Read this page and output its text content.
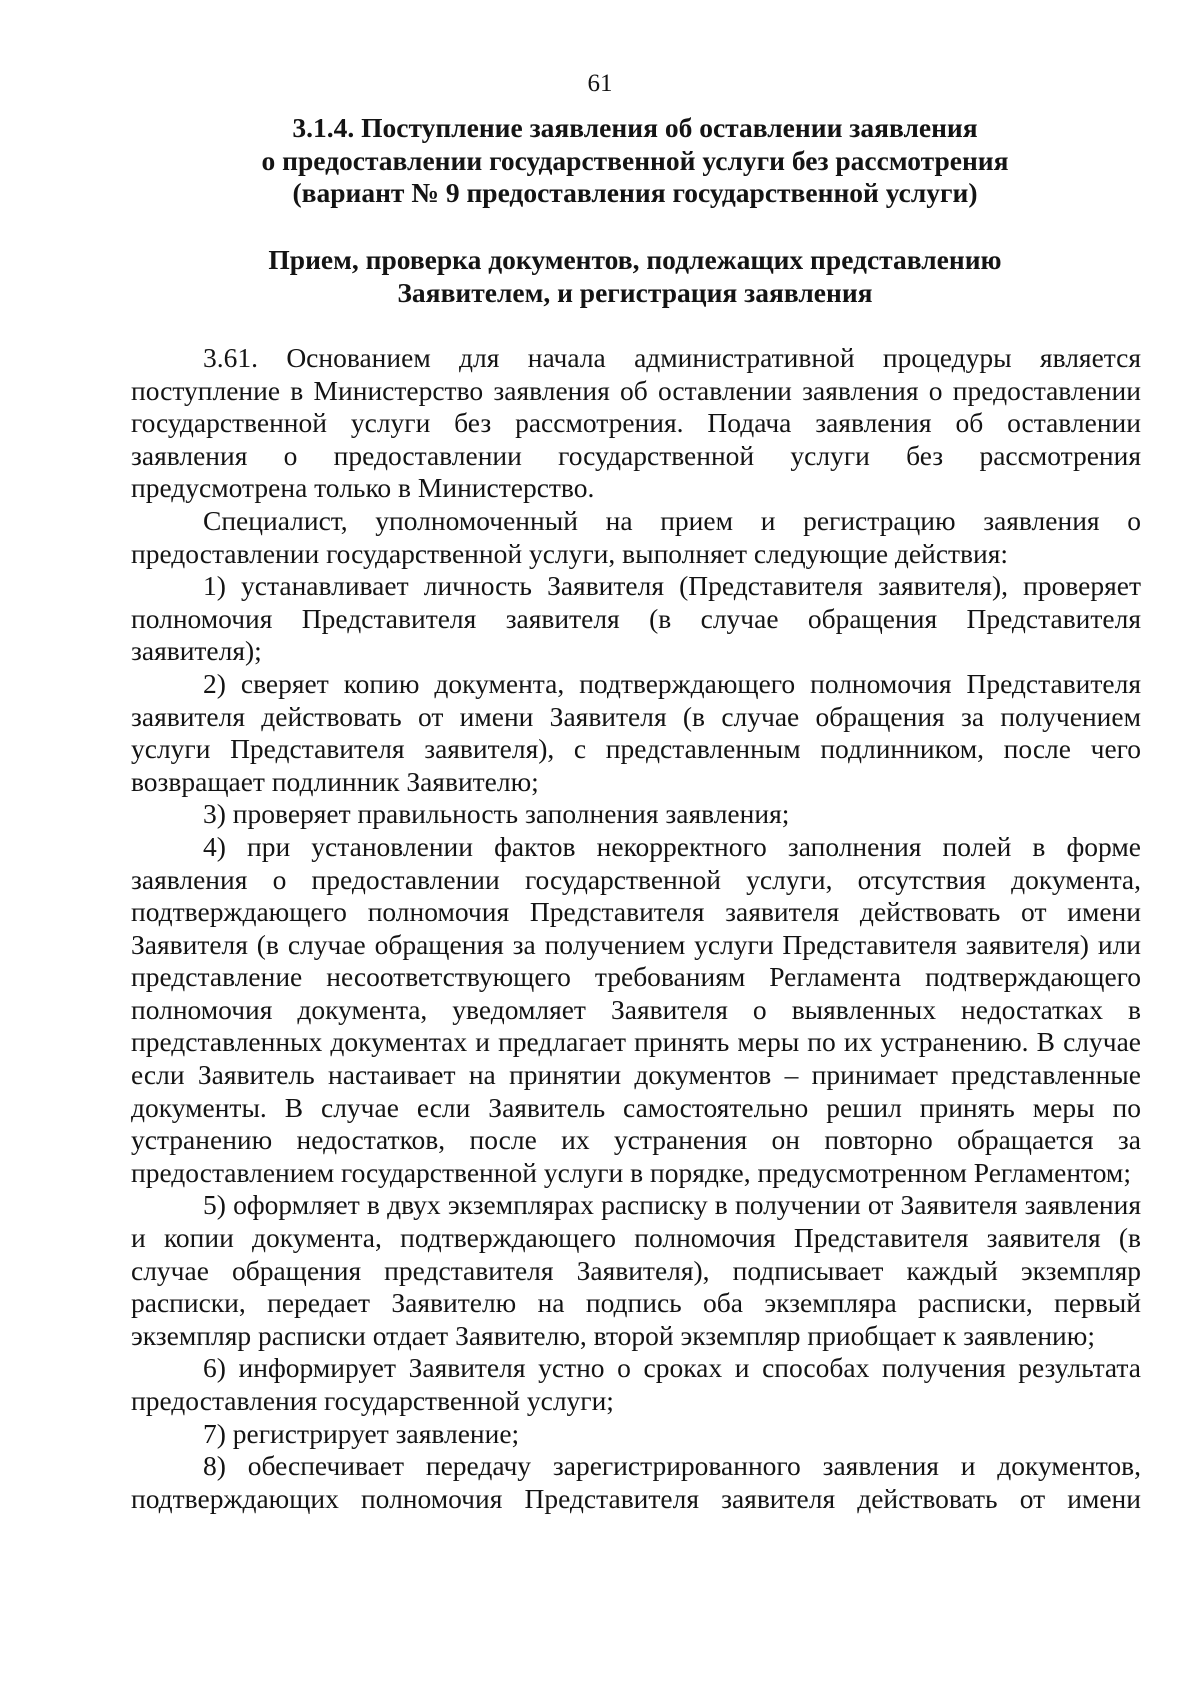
61
3.1.4. Поступление заявления об оставлении заявления
о предоставлении государственной услуги без рассмотрения
(вариант № 9 предоставления государственной услуги)
Прием, проверка документов, подлежащих представлению
Заявителем, и регистрация заявления

3.61. Основанием для начала административной процедуры является поступление в Министерство заявления об оставлении заявления о предоставлении государственной услуги без рассмотрения. Подача заявления об оставлении заявления о предоставлении государственной услуги без рассмотрения предусмотрена только в Министерство.

Специалист, уполномоченный на прием и регистрацию заявления о предоставлении государственной услуги, выполняет следующие действия:

1) устанавливает личность Заявителя (Представителя заявителя), проверяет полномочия Представителя заявителя (в случае обращения Представителя заявителя);

2) сверяет копию документа, подтверждающего полномочия Представителя заявителя действовать от имени Заявителя (в случае обращения за получением услуги Представителя заявителя), с представленным подлинником, после чего возвращает подлинник Заявителю;

3) проверяет правильность заполнения заявления;

4) при установлении фактов некорректного заполнения полей в форме заявления о предоставлении государственной услуги, отсутствия документа, подтверждающего полномочия Представителя заявителя действовать от имени Заявителя (в случае обращения за получением услуги Представителя заявителя) или представление несоответствующего требованиям Регламента подтверждающего полномочия документа, уведомляет Заявителя о выявленных недостатках в представленных документах и предлагает принять меры по их устранению. В случае если Заявитель настаивает на принятии документов – принимает представленные документы. В случае если Заявитель самостоятельно решил принять меры по устранению недостатков, после их устранения он повторно обращается за предоставлением государственной услуги в порядке, предусмотренном Регламентом;

5) оформляет в двух экземплярах расписку в получении от Заявителя заявления и копии документа, подтверждающего полномочия Представителя заявителя (в случае обращения представителя Заявителя), подписывает каждый экземпляр расписки, передает Заявителю на подпись оба экземпляра расписки, первый экземпляр расписки отдает Заявителю, второй экземпляр приобщает к заявлению;

6) информирует Заявителя устно о сроках и способах получения результата предоставления государственной услуги;

7) регистрирует заявление;

8) обеспечивает передачу зарегистрированного заявления и документов, подтверждающих полномочия Представителя заявителя действовать от имени
